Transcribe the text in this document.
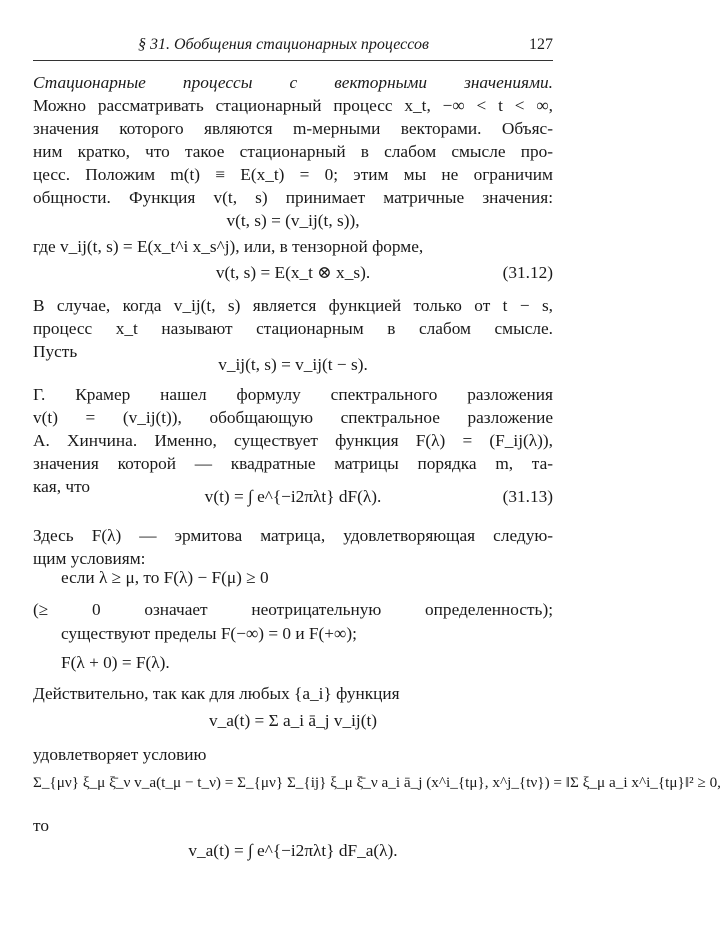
§ 31. Обобщения стационарных процессов	127
Стационарные процессы с векторными значениями.
Можно рассматривать стационарный процесс x_t, −∞ < t < ∞,
значения которого являются m-мерными векторами. Объяс-
ним кратко, что такое стационарный в слабом смысле про-
цесс. Положим m(t) ≡ E(x_t) = 0; этим мы не ограничим
общности. Функция v(t, s) принимает матричные значения:
v(t, s) = (v_ij(t, s)),
где v_ij(t, s) = E(x_t^i x_s^j), или, в тензорной форме,
v(t, s) = E(x_t ⊗ x_s).	(31.12)
В случае, когда v_ij(t, s) является функцией только от t − s,
процесс x_t называют стационарным в слабом смысле.
Пусть
v_ij(t, s) = v_ij(t − s).
Г. Крамер нашел формулу спектрального разложения
v(t) = (v_ij(t)), обобщающую спектральное разложение
А. Хинчина. Именно, существует функция F(λ) = (F_ij(λ)),
значения которой — квадратные матрицы порядка m, та-
кая, что
v(t) = ∫ e^{−i2πλt} dF(λ).	(31.13)
Здесь F(λ) — эрмитова матрица, удовлетворяющая следую-
щим условиям:
если λ ≥ μ, то F(λ) − F(μ) ≥ 0
(≥ 0 означает неотрицательную определенность);
существуют пределы F(−∞) = 0 и F(+∞);
F(λ + 0) = F(λ).
Действительно, так как для любых {a_i} функция
v_a(t) = Σ a_i ā_j v_ij(t)
удовлетворяет условию
Σ_{μν} ξ_μ ξ̄_ν v_a(t_μ − t_ν) = Σ_{μν} Σ_{ij} ξ_μ ξ̄_ν a_i ā_j (x^i_{tμ}, x^j_{tν}) = ‖Σ ξ_μ a_i x^i_{tμ}‖² ≥ 0,
то
v_a(t) = ∫ e^{−i2πλt} dF_a(λ).
